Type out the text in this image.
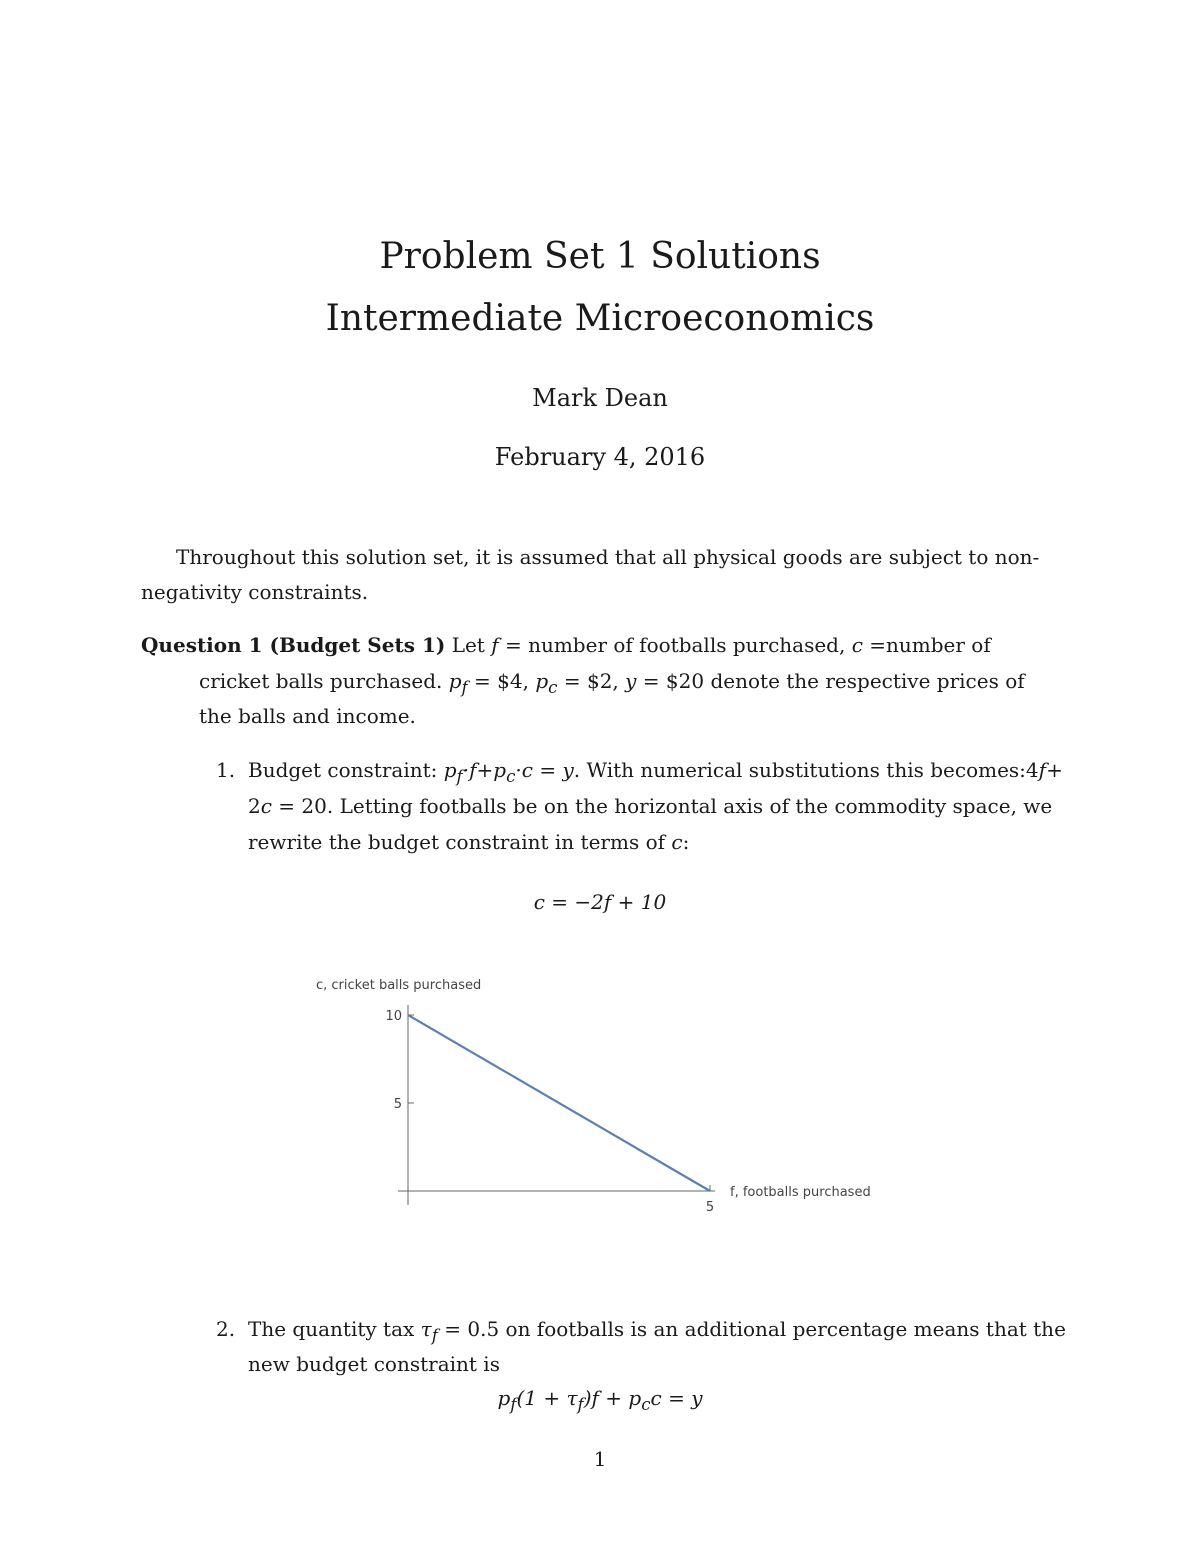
Problem Set 1 Solutions
Intermediate Microeconomics
Mark Dean
February 4, 2016
Throughout this solution set, it is assumed that all physical goods are subject to non-
negativity constraints.
Question 1 (Budget Sets 1) Let f = number of footballs purchased, c =number of
cricket balls purchased. $p_f$ = $4, $p_c$ = $2, y = $20 denote the respective prices of
the balls and income.
1. Budget constraint: $p_f\cdot f+p_c\cdot c = y$. With numerical substitutions this becomes:4f+
2c = 20. Letting footballs be on the horizontal axis of the commodity space, we
rewrite the budget constraint in terms of c:
c = −2f + 10
c, cricket balls purchased
10
5
5
f, footballs purchased
2. The quantity tax $\tau_f = 0.5$ on footballs is an additional percentage means that the
new budget constraint is
$p_f(1 + \tau_f)f + p_cc = y$
1
